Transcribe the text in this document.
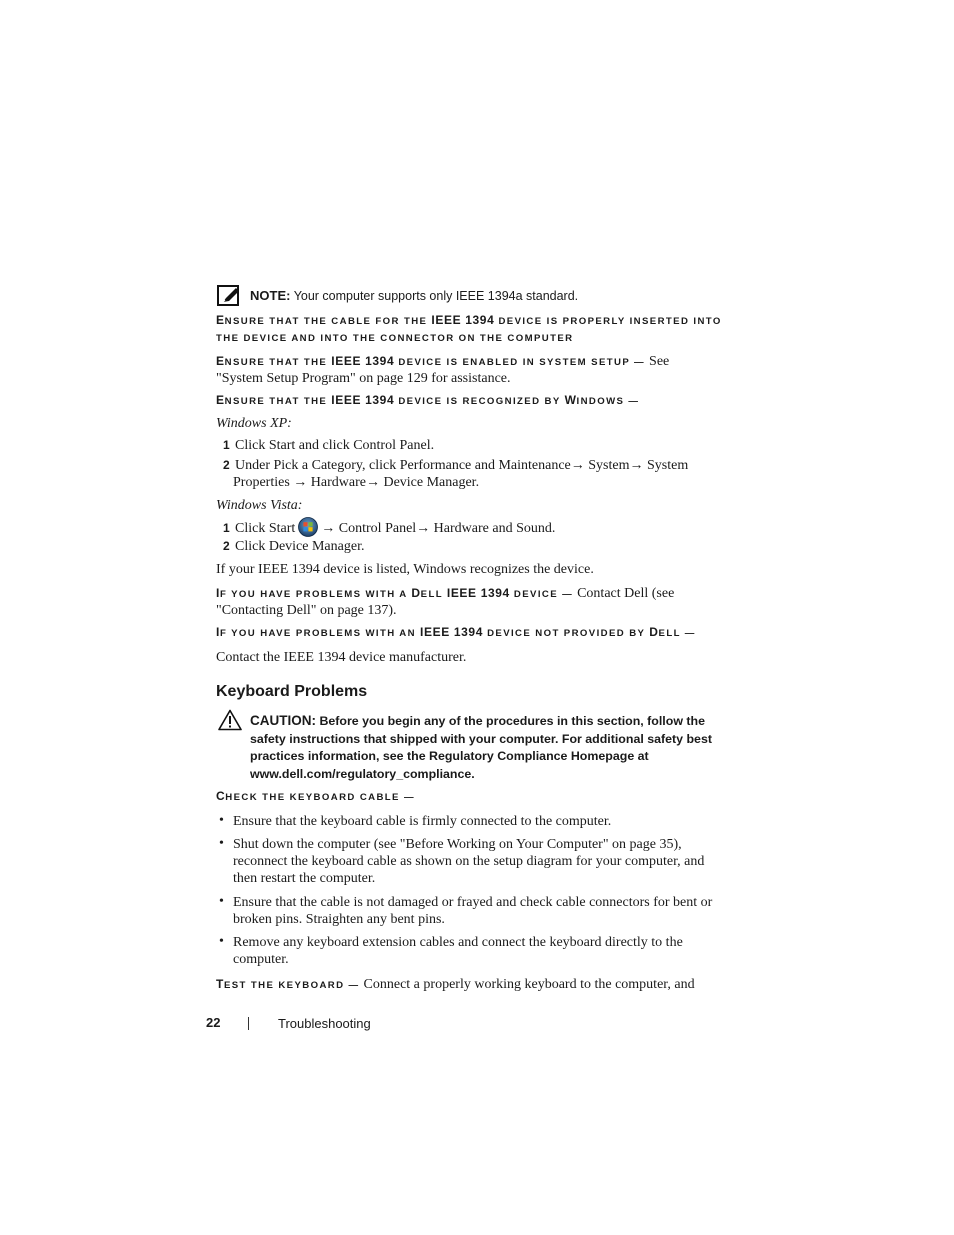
NOTE: Your computer supports only IEEE 1394a standard.
ENSURE THAT THE CABLE FOR THE IEEE 1394 DEVICE IS PROPERLY INSERTED INTO
THE DEVICE AND INTO THE CONNECTOR ON THE COMPUTER
ENSURE THAT THE IEEE 1394 DEVICE IS ENABLED IN SYSTEM SETUP — See
"System Setup Program" on page 129 for assistance.
ENSURE THAT THE IEEE 1394 DEVICE IS RECOGNIZED BY WINDOWS —
Windows XP:
1 Click Start and click Control Panel.
2 Under Pick a Category, click Performance and Maintenance→ System→ System
Properties → Hardware→ Device Manager.
Windows Vista:
1 Click Start → Control Panel→ Hardware and Sound.
2 Click Device Manager.
If your IEEE 1394 device is listed, Windows recognizes the device.
IF YOU HAVE PROBLEMS WITH A DELL IEEE 1394 DEVICE — Contact Dell (see
"Contacting Dell" on page 137).
IF YOU HAVE PROBLEMS WITH AN IEEE 1394 DEVICE NOT PROVIDED BY DELL —
Contact the IEEE 1394 device manufacturer.
Keyboard Problems
CAUTION: Before you begin any of the procedures in this section, follow the
safety instructions that shipped with your computer. For additional safety best
practices information, see the Regulatory Compliance Homepage at
www.dell.com/regulatory_compliance.
CHECK THE KEYBOARD CABLE —
• Ensure that the keyboard cable is firmly connected to the computer.
• Shut down the computer (see "Before Working on Your Computer" on page 35),
reconnect the keyboard cable as shown on the setup diagram for your computer, and
then restart the computer.
• Ensure that the cable is not damaged or frayed and check cable connectors for bent or
broken pins. Straighten any bent pins.
• Remove any keyboard extension cables and connect the keyboard directly to the
computer.
TEST THE KEYBOARD — Connect a properly working keyboard to the computer, and
22	Troubleshooting
